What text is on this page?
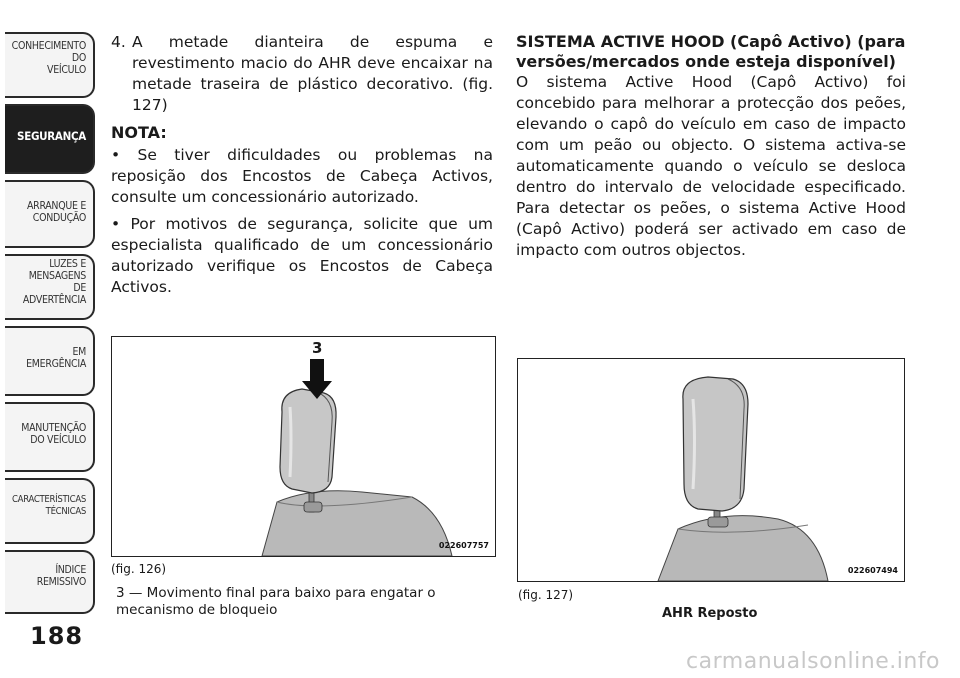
CONHECIMENTO
DO
VEÍCULO
SEGURANÇA
ARRANQUE E
CONDUÇÃO
LUZES E
MENSAGENS
DE
ADVERTÊNCIA
EM
EMERGÊNCIA
MANUTENÇÃO
DO VEÍCULO
CARACTERÍSTICAS
TÉCNICAS
ÍNDICE
REMISSIVO
188
4. A metade dianteira de espuma e revestimento macio do AHR deve encaixar na metade traseira de plástico decorativo. (fig. 127)
NOTA:

• Se tiver dificuldades ou problemas na reposição dos Encostos de Cabeça Activos, consulte um concessionário autorizado.

• Por motivos de segurança, solicite que um especialista qualificado de um concessionário autorizado verifique os Encostos de Cabeça Activos.

SISTEMA ACTIVE HOOD (Capô Activo) (para versões/mercados onde esteja disponível)

O sistema Active Hood (Capô Activo) foi concebido para melhorar a protecção dos peões, elevando o capô do veículo em caso de impacto com um peão ou objecto. O sistema activa-se automaticamente quando o veículo se desloca dentro do intervalo de velocidade especificado. Para detectar os peões, o sistema Active Hood (Capô Activo) poderá ser activado em caso de impacto com outros objectos.

3
022607757
(fig. 126)
3 — Movimento final para baixo para engatar o mecanismo de bloqueio
022607494
(fig. 127)
AHR Reposto
carmanualsonline.info
